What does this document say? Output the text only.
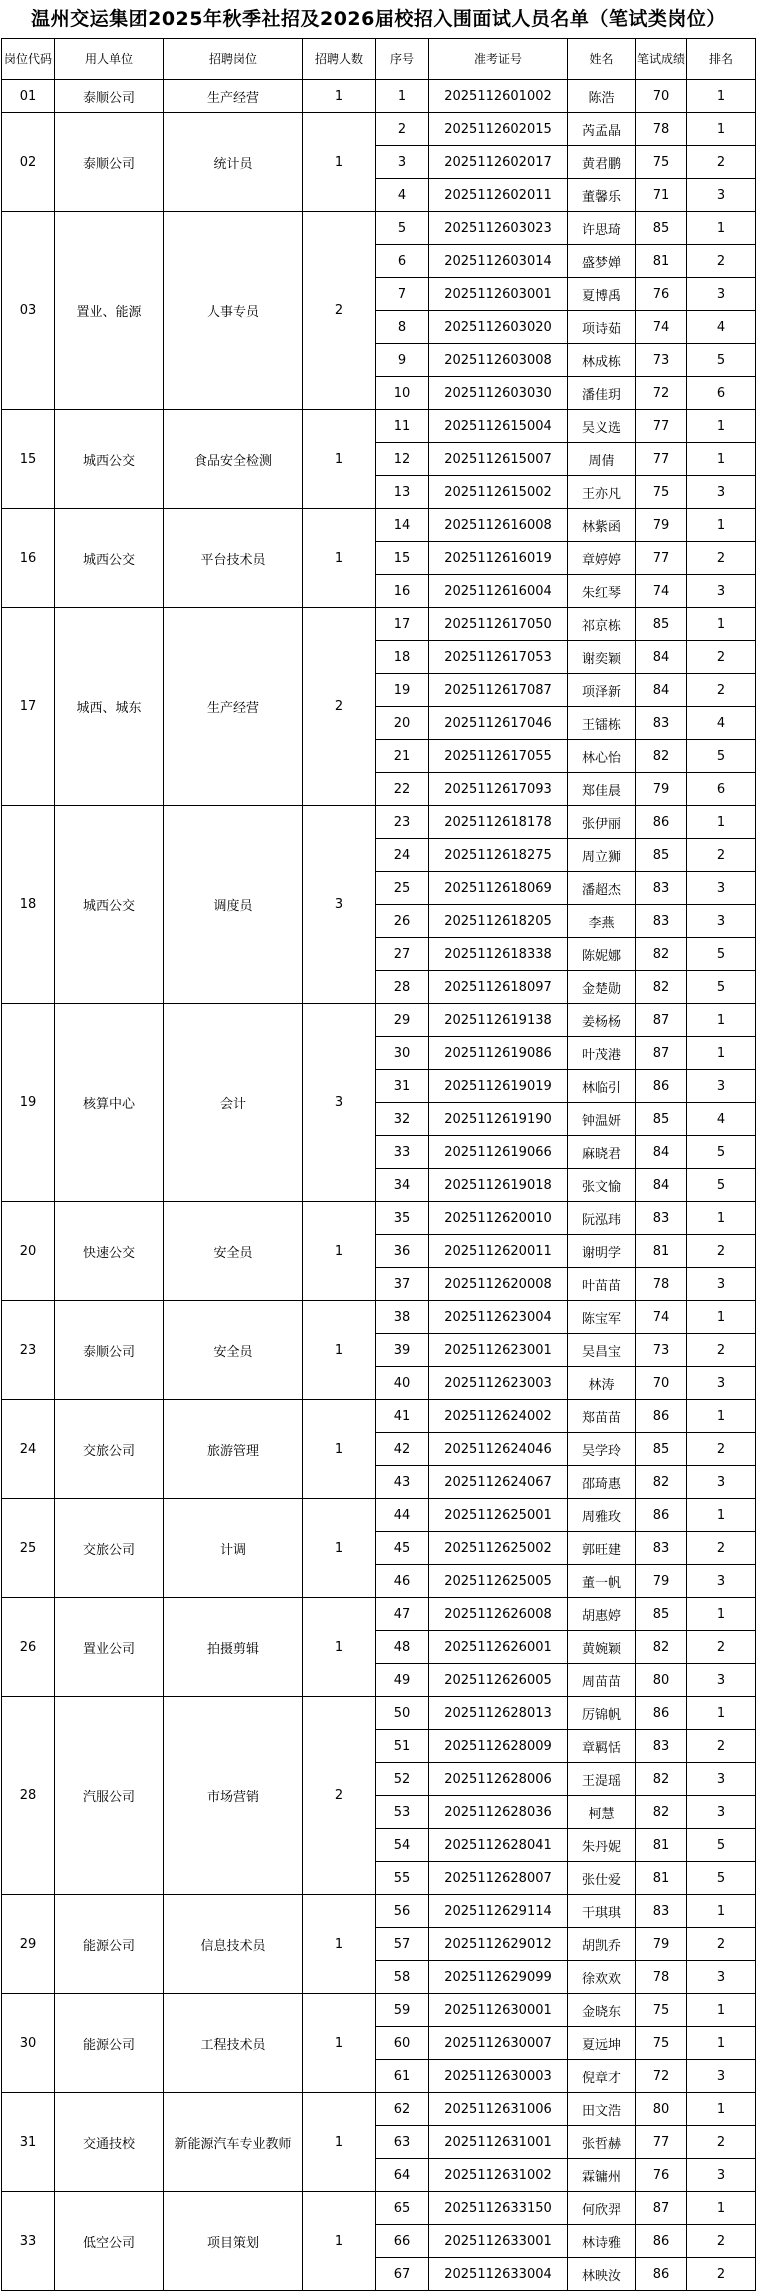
温州交运集团2025年秋季社招及2026届校招入围面试人员名单（笔试类岗位）
岗位代码	用人单位	招聘岗位	招聘人数	序号	准考证号	姓名	笔试成绩	排名
01	泰顺公司	生产经营	1	1	2025112601002	陈浩	70	1
02	泰顺公司	统计员	1	2	2025112602015	芮孟晶	78	1
				3	2025112602017	黄君鹏	75	2
				4	2025112602011	董馨乐	71	3
03	置业、能源	人事专员	2	5	2025112603023	许思琦	85	1
				6	2025112603014	盛梦婵	81	2
				7	2025112603001	夏博禹	76	3
				8	2025112603020	项诗茹	74	4
				9	2025112603008	林成栋	73	5
				10	2025112603030	潘佳玥	72	6
15	城西公交	食品安全检测	1	11	2025112615004	吴义选	77	1
				12	2025112615007	周倩	77	1
				13	2025112615002	王亦凡	75	3
16	城西公交	平台技术员	1	14	2025112616008	林紫函	79	1
				15	2025112616019	章婷婷	77	2
				16	2025112616004	朱红琴	74	3
17	城西、城东	生产经营	2	17	2025112617050	祁京栋	85	1
				18	2025112617053	谢奕颖	84	2
				19	2025112617087	项泽新	84	2
				20	2025112617046	王镭栋	83	4
				21	2025112617055	林心怡	82	5
				22	2025112617093	郑佳晨	79	6
18	城西公交	调度员	3	23	2025112618178	张伊丽	86	1
				24	2025112618275	周立狮	85	2
				25	2025112618069	潘超杰	83	3
				26	2025112618205	李燕	83	3
				27	2025112618338	陈妮娜	82	5
				28	2025112618097	金楚勋	82	5
19	核算中心	会计	3	29	2025112619138	姜杨杨	87	1
				30	2025112619086	叶茂港	87	1
				31	2025112619019	林临引	86	3
				32	2025112619190	钟温妍	85	4
				33	2025112619066	麻晓君	84	5
				34	2025112619018	张文愉	84	5
20	快速公交	安全员	1	35	2025112620010	阮泓玮	83	1
				36	2025112620011	谢明学	81	2
				37	2025112620008	叶苗苗	78	3
23	泰顺公司	安全员	1	38	2025112623004	陈宝军	74	1
				39	2025112623001	吴昌宝	73	2
				40	2025112623003	林涛	70	3
24	交旅公司	旅游管理	1	41	2025112624002	郑苗苗	86	1
				42	2025112624046	吴学玲	85	2
				43	2025112624067	邵琦惠	82	3
25	交旅公司	计调	1	44	2025112625001	周雅玫	86	1
				45	2025112625002	郭旺建	83	2
				46	2025112625005	董一帆	79	3
26	置业公司	拍摄剪辑	1	47	2025112626008	胡惠婷	85	1
				48	2025112626001	黄婉颖	82	2
				49	2025112626005	周苗苗	80	3
28	汽服公司	市场营销	2	50	2025112628013	厉锦帆	86	1
				51	2025112628009	章羁恬	83	2
				52	2025112628006	王湜瑶	82	3
				53	2025112628036	柯慧	82	3
				54	2025112628041	朱丹妮	81	5
				55	2025112628007	张仕爱	81	5
29	能源公司	信息技术员	1	56	2025112629114	干琪琪	83	1
				57	2025112629012	胡凯乔	79	2
				58	2025112629099	徐欢欢	78	3
30	能源公司	工程技术员	1	59	2025112630001	金晓东	75	1
				60	2025112630007	夏远坤	75	1
				61	2025112630003	倪章才	72	3
31	交通技校	新能源汽车专业教师	1	62	2025112631006	田文浩	80	1
				63	2025112631001	张哲赫	77	2
				64	2025112631002	霖镛州	76	3
33	低空公司	项目策划	1	65	2025112633150	何欣羿	87	1
				66	2025112633001	林诗雅	86	2
				67	2025112633004	林映汝	86	2
